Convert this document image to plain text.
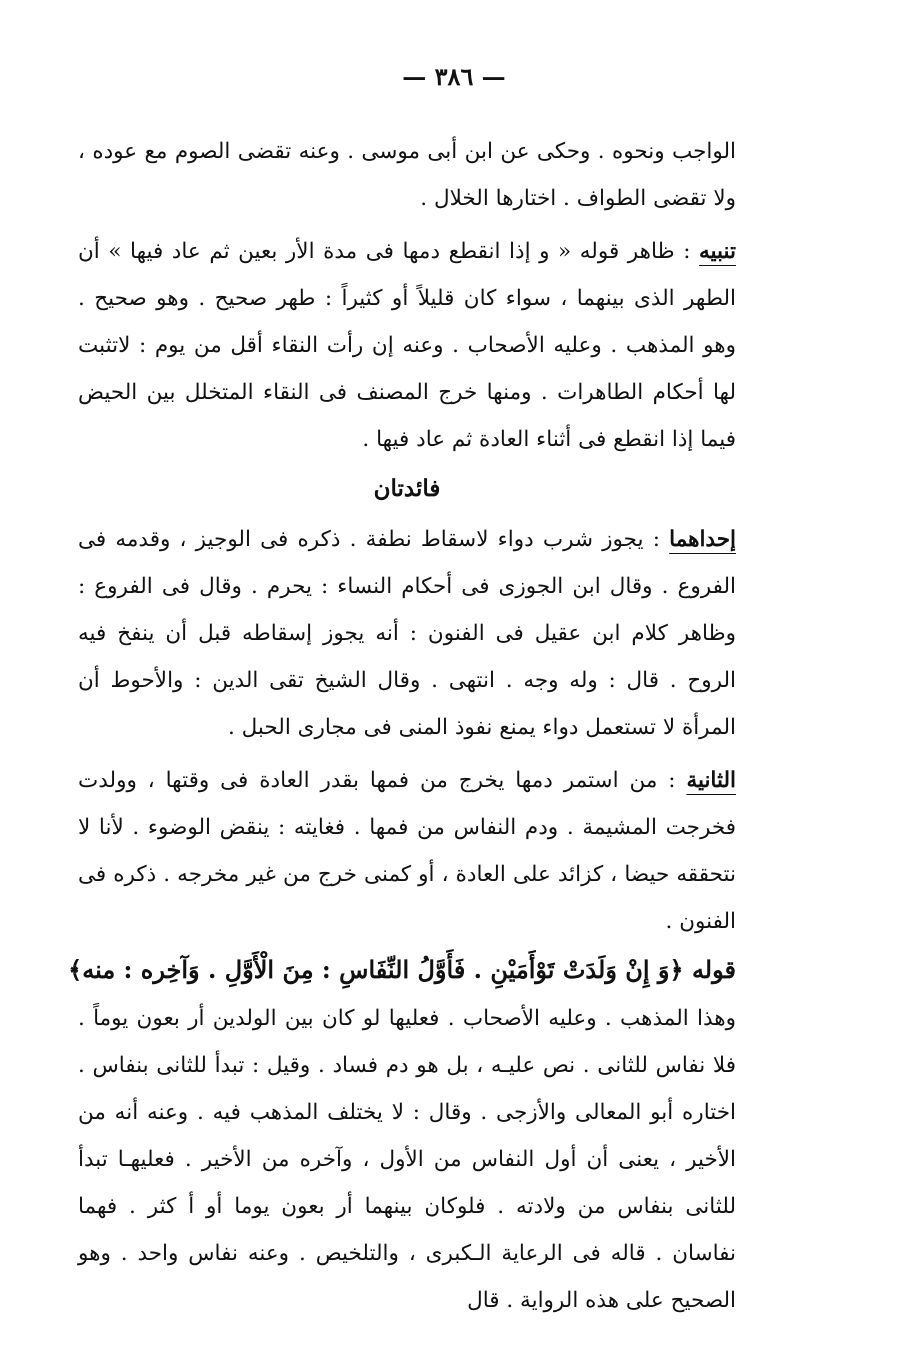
— ٣٨٦ —

الواجب ونحوه . وحكى عن ابن أبى موسى . وعنه تقضى الصوم مع عوده ، ولا تقضى الطواف . اختارها الخلال .

تنبيه : ظاهر قوله « و إذا انقطع دمها فى مدة الأر بعين ثم عاد فيها » أن الطهر الذى بينهما ، سواء كان قليلاً أو كثيراً : طهر صحيح . وهو صحيح . وهو المذهب . وعليه الأصحاب . وعنه إن رأت النقاء أقل من يوم : لاتثبت لها أحكام الطاهرات . ومنها خرج المصنف فى النقاء المتخلل بين الحيض فيما إذا انقطع فى أثناء العادة ثم عاد فيها .

فائدتان

إحداهما : يجوز شرب دواء لاسقاط نطفة . ذكره فى الوجيز ، وقدمه فى الفروع . وقال ابن الجوزى فى أحكام النساء : يحرم . وقال فى الفروع : وظاهر كلام ابن عقيل فى الفنون : أنه يجوز إسقاطه قبل أن ينفخ فيه الروح . قال : وله وجه . انتهى . وقال الشيخ تقى الدين : والأحوط أن المرأة لا تستعمل دواء يمنع نفوذ المنى فى مجارى الحبل .

الثانية : من استمر دمها يخرج من فمها بقدر العادة فى وقتها ، وولدت فخرجت المشيمة . ودم النفاس من فمها . فغايته : ينقض الوضوء . لأنا لا نتحققه حيضا ، كزائد على العادة ، أو كمنى خرج من غير مخرجه . ذكره فى الفنون .

قوله ﴿وَ إِنْ وَلَدَتْ تَوْأَمَيْنِ . فَأَوَّلُ النِّفَاسِ : مِنَ الْأَوَّلِ . وَآخِره : منه﴾

وهذا المذهب . وعليه الأصحاب . فعليها لو كان بين الولدين أر بعون يوماً . فلا نفاس للثانى . نص عليـه ، بل هو دم فساد . وقيل : تبدأ للثانى بنفاس . اختاره أبو المعالى والأزجى . وقال : لا يختلف المذهب فيه . وعنه أنه من الأخير ، يعنى أن أول النفاس من الأول ، وآخره من الأخير . فعليهـا تبدأ للثانى بنفاس من ولادته . فلوكان بينهما أر بعون يوما أو أ كثر . فهما نفاسان . قاله فى الرعاية الـكبرى ، والتلخيص . وعنه نفاس واحد . وهو الصحيح على هذه الرواية . قال
